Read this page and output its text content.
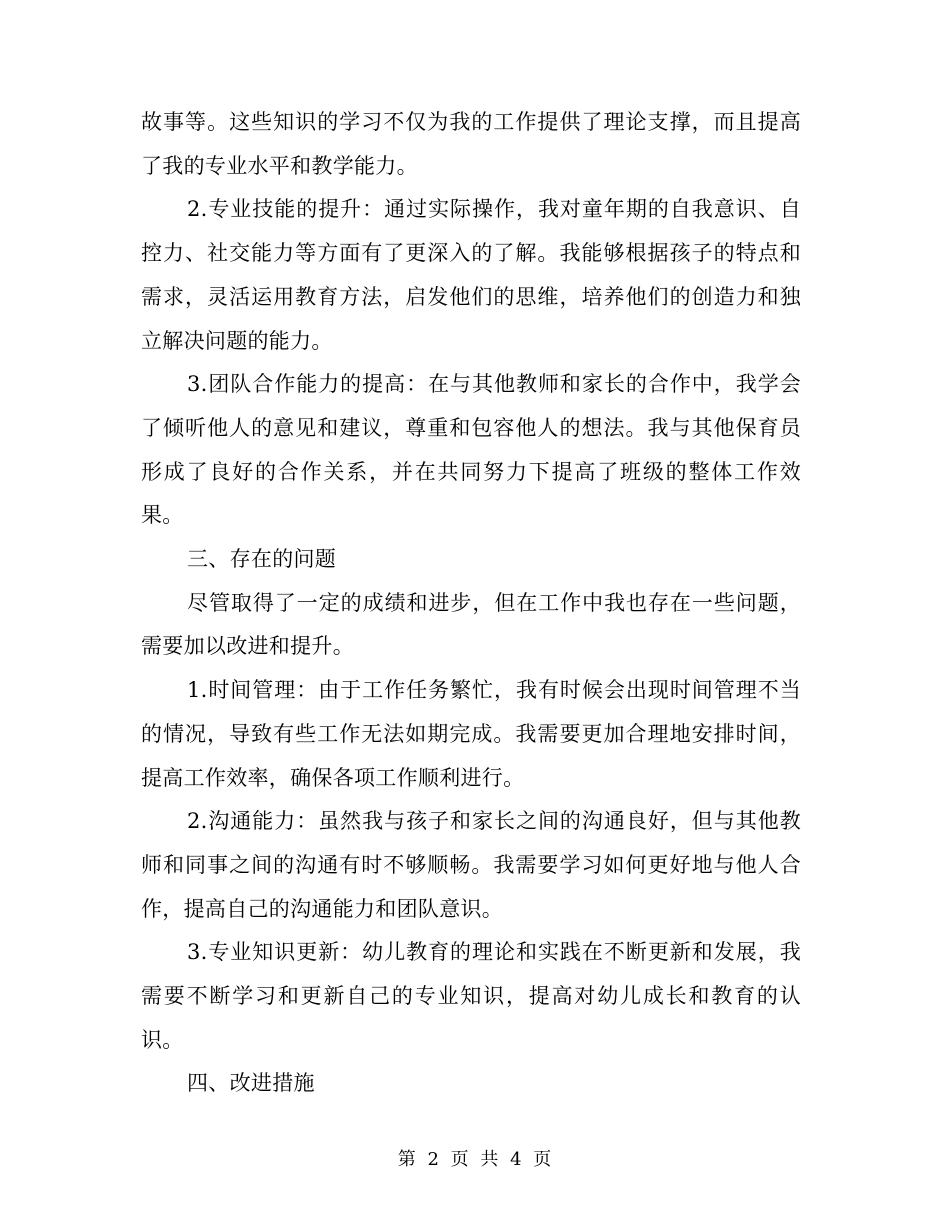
故事等。这些知识的学习不仅为我的工作提供了理论支撑，而且提高了我的专业水平和教学能力。

2.专业技能的提升：通过实际操作，我对童年期的自我意识、自控力、社交能力等方面有了更深入的了解。我能够根据孩子的特点和需求，灵活运用教育方法，启发他们的思维，培养他们的创造力和独立解决问题的能力。

3.团队合作能力的提高：在与其他教师和家长的合作中，我学会了倾听他人的意见和建议，尊重和包容他人的想法。我与其他保育员形成了良好的合作关系，并在共同努力下提高了班级的整体工作效果。

三、存在的问题

尽管取得了一定的成绩和进步，但在工作中我也存在一些问题，需要加以改进和提升。

1.时间管理：由于工作任务繁忙，我有时候会出现时间管理不当的情况，导致有些工作无法如期完成。我需要更加合理地安排时间，提高工作效率，确保各项工作顺利进行。

2.沟通能力：虽然我与孩子和家长之间的沟通良好，但与其他教师和同事之间的沟通有时不够顺畅。我需要学习如何更好地与他人合作，提高自己的沟通能力和团队意识。

3.专业知识更新：幼儿教育的理论和实践在不断更新和发展，我需要不断学习和更新自己的专业知识，提高对幼儿成长和教育的认识。

四、改进措施

第 2 页 共 4 页
